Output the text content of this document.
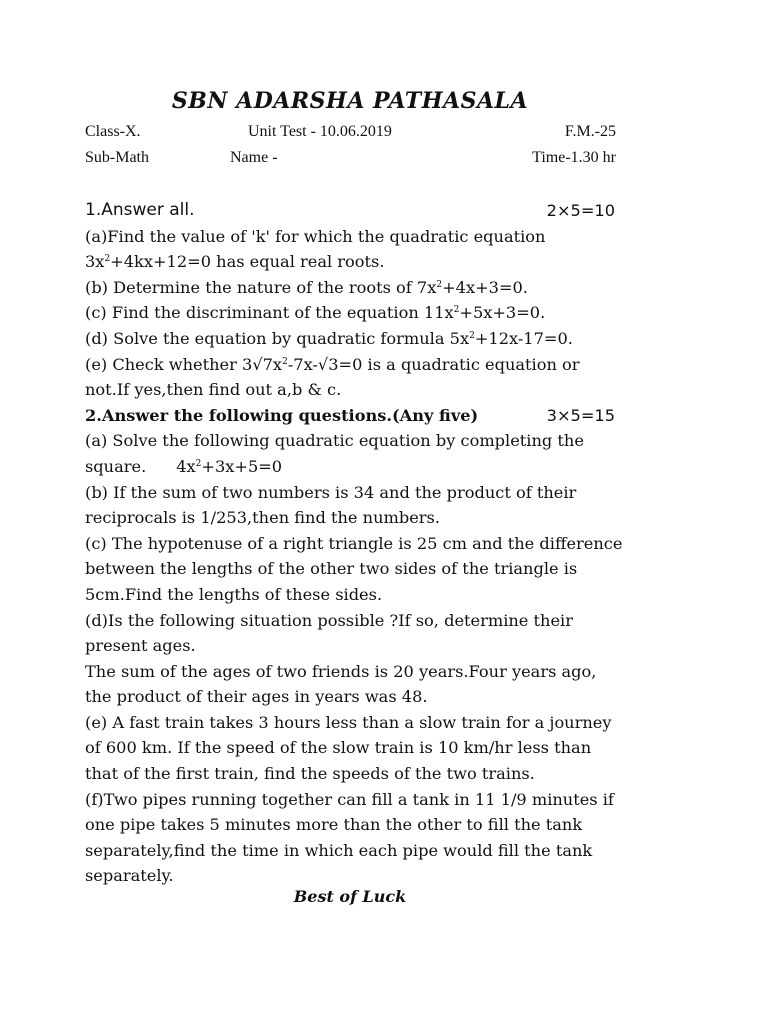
SBN ADARSHA PATHASALA
Class-X.	Unit Test - 10.06.2019	F.M.-25
Sub-Math	Name -	Time-1.30 hr
1.Answer all.	2×5=10

(a)Find the value of 'k' for which the quadratic equation
$3x^2+4kx+12=0$ has equal real roots.

(b) Determine the nature of the roots of $7x^2+4x+3=0$.

(c) Find the discriminant of the equation $11x^2+5x+3=0$.

(d) Solve the equation by quadratic formula $5x^2+12x-17=0$.

(e) Check whether $3√7x^2-7x-√3=0$ is a quadratic equation or
not.If yes,then find out a,b & c.

2.Answer the following questions.(Any five)	3×5=15

(a) Solve the following quadratic equation by completing the
square. $4x^2+3x+5=0$

(b) If the sum of two numbers is 34 and the product of their reciprocals is 1/253,then find the numbers.

(c) The hypotenuse of a right triangle is 25 cm and the difference between the lengths of the other two sides of the triangle is 5cm.Find the lengths of these sides.

(d)Is the following situation possible ?If so, determine their present ages.

The sum of the ages of two friends is 20 years.Four years ago, the product of their ages in years was 48.

(e) A fast train takes 3 hours less than a slow train for a journey of 600 km. If the speed of the slow train is 10 km/hr less than that of the first train, find the speeds of the two trains.

(f)Two pipes running together can fill a tank in 11 1/9 minutes if one pipe takes 5 minutes more than the other to fill the tank separately,find the time in which each pipe would fill the tank separately.

Best of Luck
